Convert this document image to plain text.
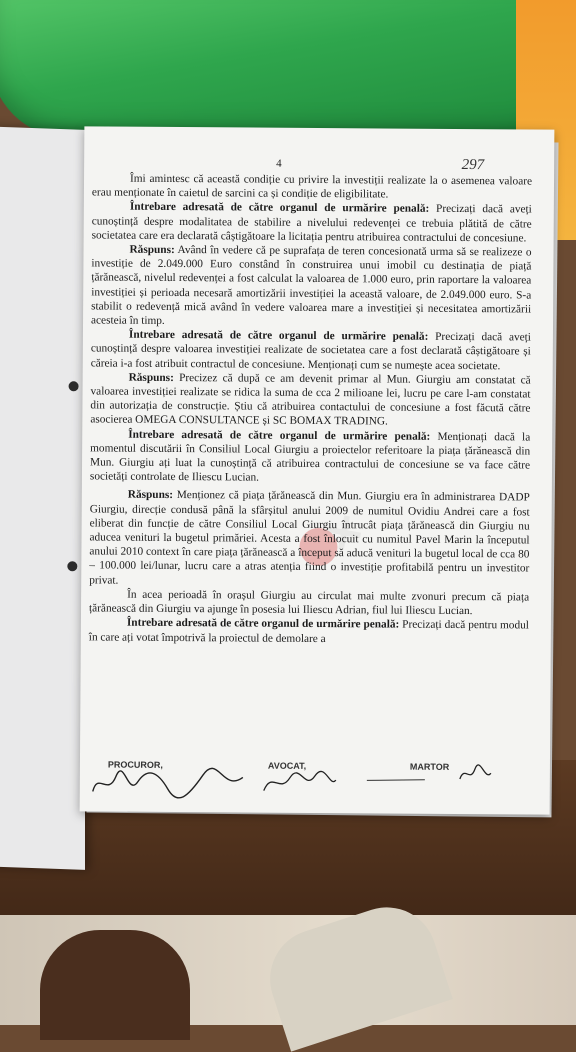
4	297
✕

Îmi amintesc că această condiție cu privire la investiții realizate la o asemenea valoare erau menționate în caietul de sarcini ca și condiție de eligibilitate.

Întrebare adresată de către organul de urmărire penală: Precizați dacă aveți cunoștință despre modalitatea de stabilire a nivelului redevenței ce trebuia plătită de către societatea care era declarată câștigătoare la licitația pentru atribuirea contractului de concesiune.

Răspuns: Având în vedere că pe suprafața de teren concesionată urma să se realizeze o investiție de 2.049.000 Euro constând în construirea unui imobil cu destinația de piață țărănească, nivelul redevenței a fost calculat la valoarea de 1.000 euro, prin raportare la valoarea investiției și perioada necesară amortizării investiției la această valoare, de 2.049.000 euro. S-a stabilit o redevență mică având în vedere valoarea mare a investiției și necesitatea amortizării acesteia în timp.

Întrebare adresată de către organul de urmărire penală: Precizați dacă aveți cunoștință despre valoarea investiției realizate de societatea care a fost declarată câștigătoare și căreia i-a fost atribuit contractul de concesiune. Menționați cum se numește acea societate.

Răspuns: Precizez că după ce am devenit primar al Mun. Giurgiu am constatat că valoarea investiției realizate se ridica la suma de cca 2 milioane lei, lucru pe care l-am constatat din autorizația de construcție. Știu că atribuirea contactului de concesiune a fost făcută către asocierea OMEGA CONSULTANCE și SC BOMAX TRADING.

Întrebare adresată de către organul de urmărire penală: Menționați dacă la momentul discutării în Consiliul Local Giurgiu a proiectelor referitoare la piața țărănească din Mun. Giurgiu ați luat la cunoștință că atribuirea contractului de concesiune se va face către societăți controlate de Iliescu Lucian.

Răspuns: Menționez că piața țărănească din Mun. Giurgiu era în administrarea DADP Giurgiu, direcție condusă până la sfârșitul anului 2009 de numitul Ovidiu Andrei care a fost eliberat din funcție de către Consiliul Local Giurgiu întrucât piața țărănească din Giurgiu nu aducea venituri la bugetul primăriei. Acesta a fost înlocuit cu numitul Pavel Marin la începutul anului 2010 context în care piața țărănească a început să aducă venituri la bugetul local de cca 80 – 100.000 lei/lunar, lucru care a atras atenția fiind o investiție profitabilă pentru un investitor privat.

În acea perioadă în orașul Giurgiu au circulat mai multe zvonuri precum că piața țărănească din Giurgiu va ajunge în posesia lui Iliescu Adrian, fiul lui Iliescu Lucian.

Întrebare adresată de către organul de urmărire penală: Precizați dacă pentru modul în care ați votat împotrivă la proiectul de demolare a

PROCUROR,	AVOCAT,	MARTOR
